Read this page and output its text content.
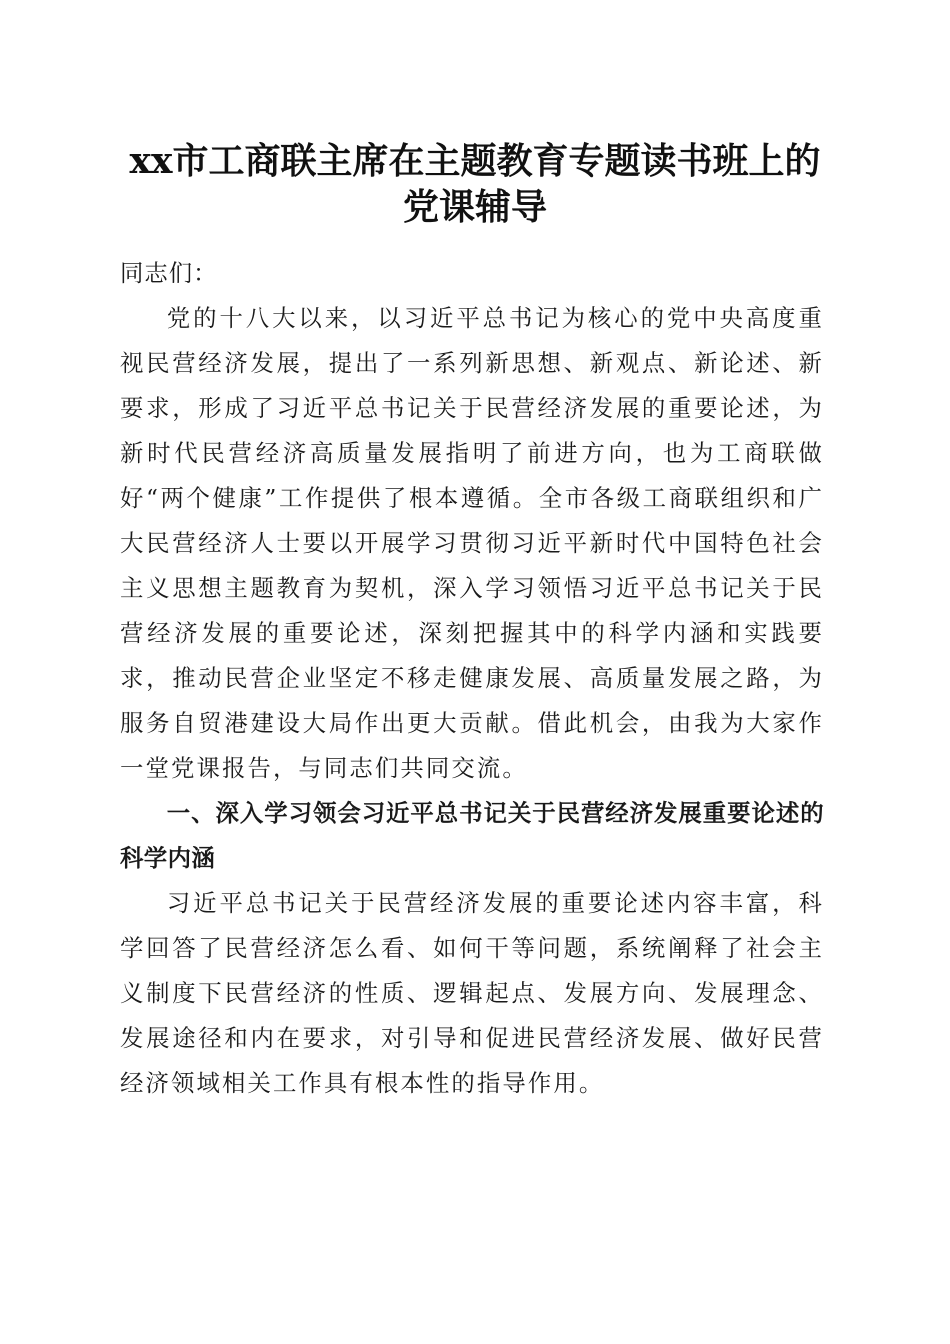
xx市工商联主席在主题教育专题读书班上的
党课辅导

同志们：

党的十八大以来，以习近平总书记为核心的党中央高度重视民营经济发展，提出了一系列新思想、新观点、新论述、新要求，形成了习近平总书记关于民营经济发展的重要论述，为新时代民营经济高质量发展指明了前进方向，也为工商联做好“两个健康”工作提供了根本遵循。全市各级工商联组织和广大民营经济人士要以开展学习贯彻习近平新时代中国特色社会主义思想主题教育为契机，深入学习领悟习近平总书记关于民营经济发展的重要论述，深刻把握其中的科学内涵和实践要求，推动民营企业坚定不移走健康发展、高质量发展之路，为服务自贸港建设大局作出更大贡献。借此机会，由我为大家作一堂党课报告，与同志们共同交流。

一、深入学习领会习近平总书记关于民营经济发展重要论述的科学内涵

习近平总书记关于民营经济发展的重要论述内容丰富，科学回答了民营经济怎么看、如何干等问题，系统阐释了社会主义制度下民营经济的性质、逻辑起点、发展方向、发展理念、发展途径和内在要求，对引导和促进民营经济发展、做好民营经济领域相关工作具有根本性的指导作用。
